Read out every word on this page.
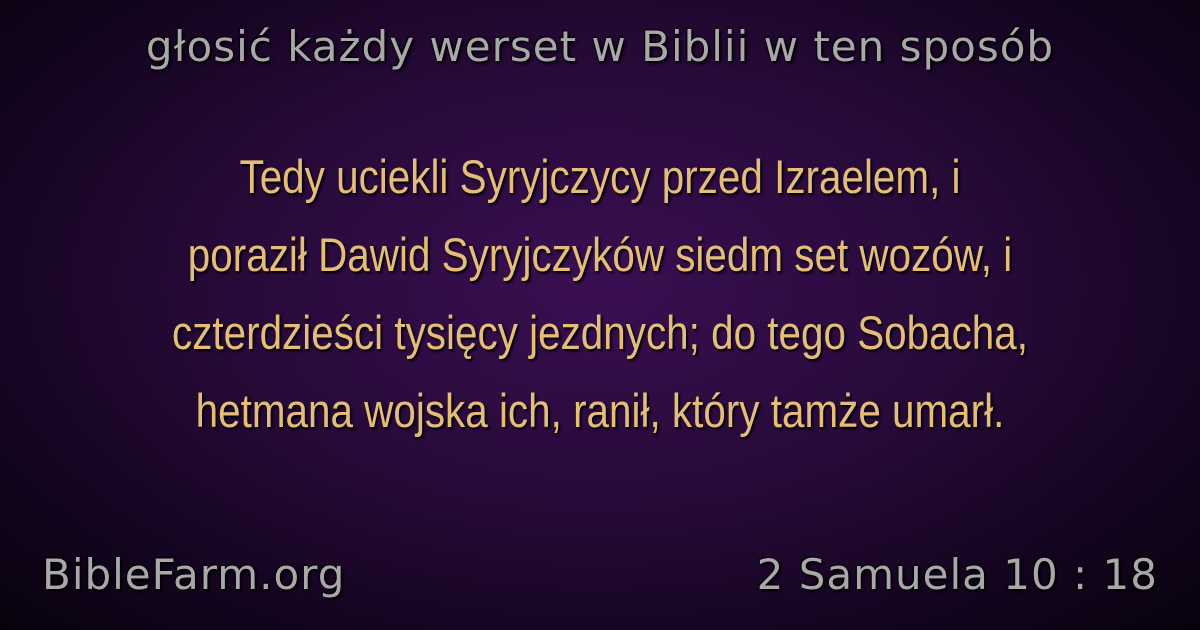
głosić każdy werset w Biblii w ten sposób
Tedy uciekli Syryjczycy przed Izraelem, i
poraził Dawid Syryjczyków siedm set wozów, i
czterdzieści tysięcy jezdnych; do tego Sobacha,
hetmana wojska ich, ranił, który tamże umarł.
BibleFarm.org	2 Samuela 10 : 18
